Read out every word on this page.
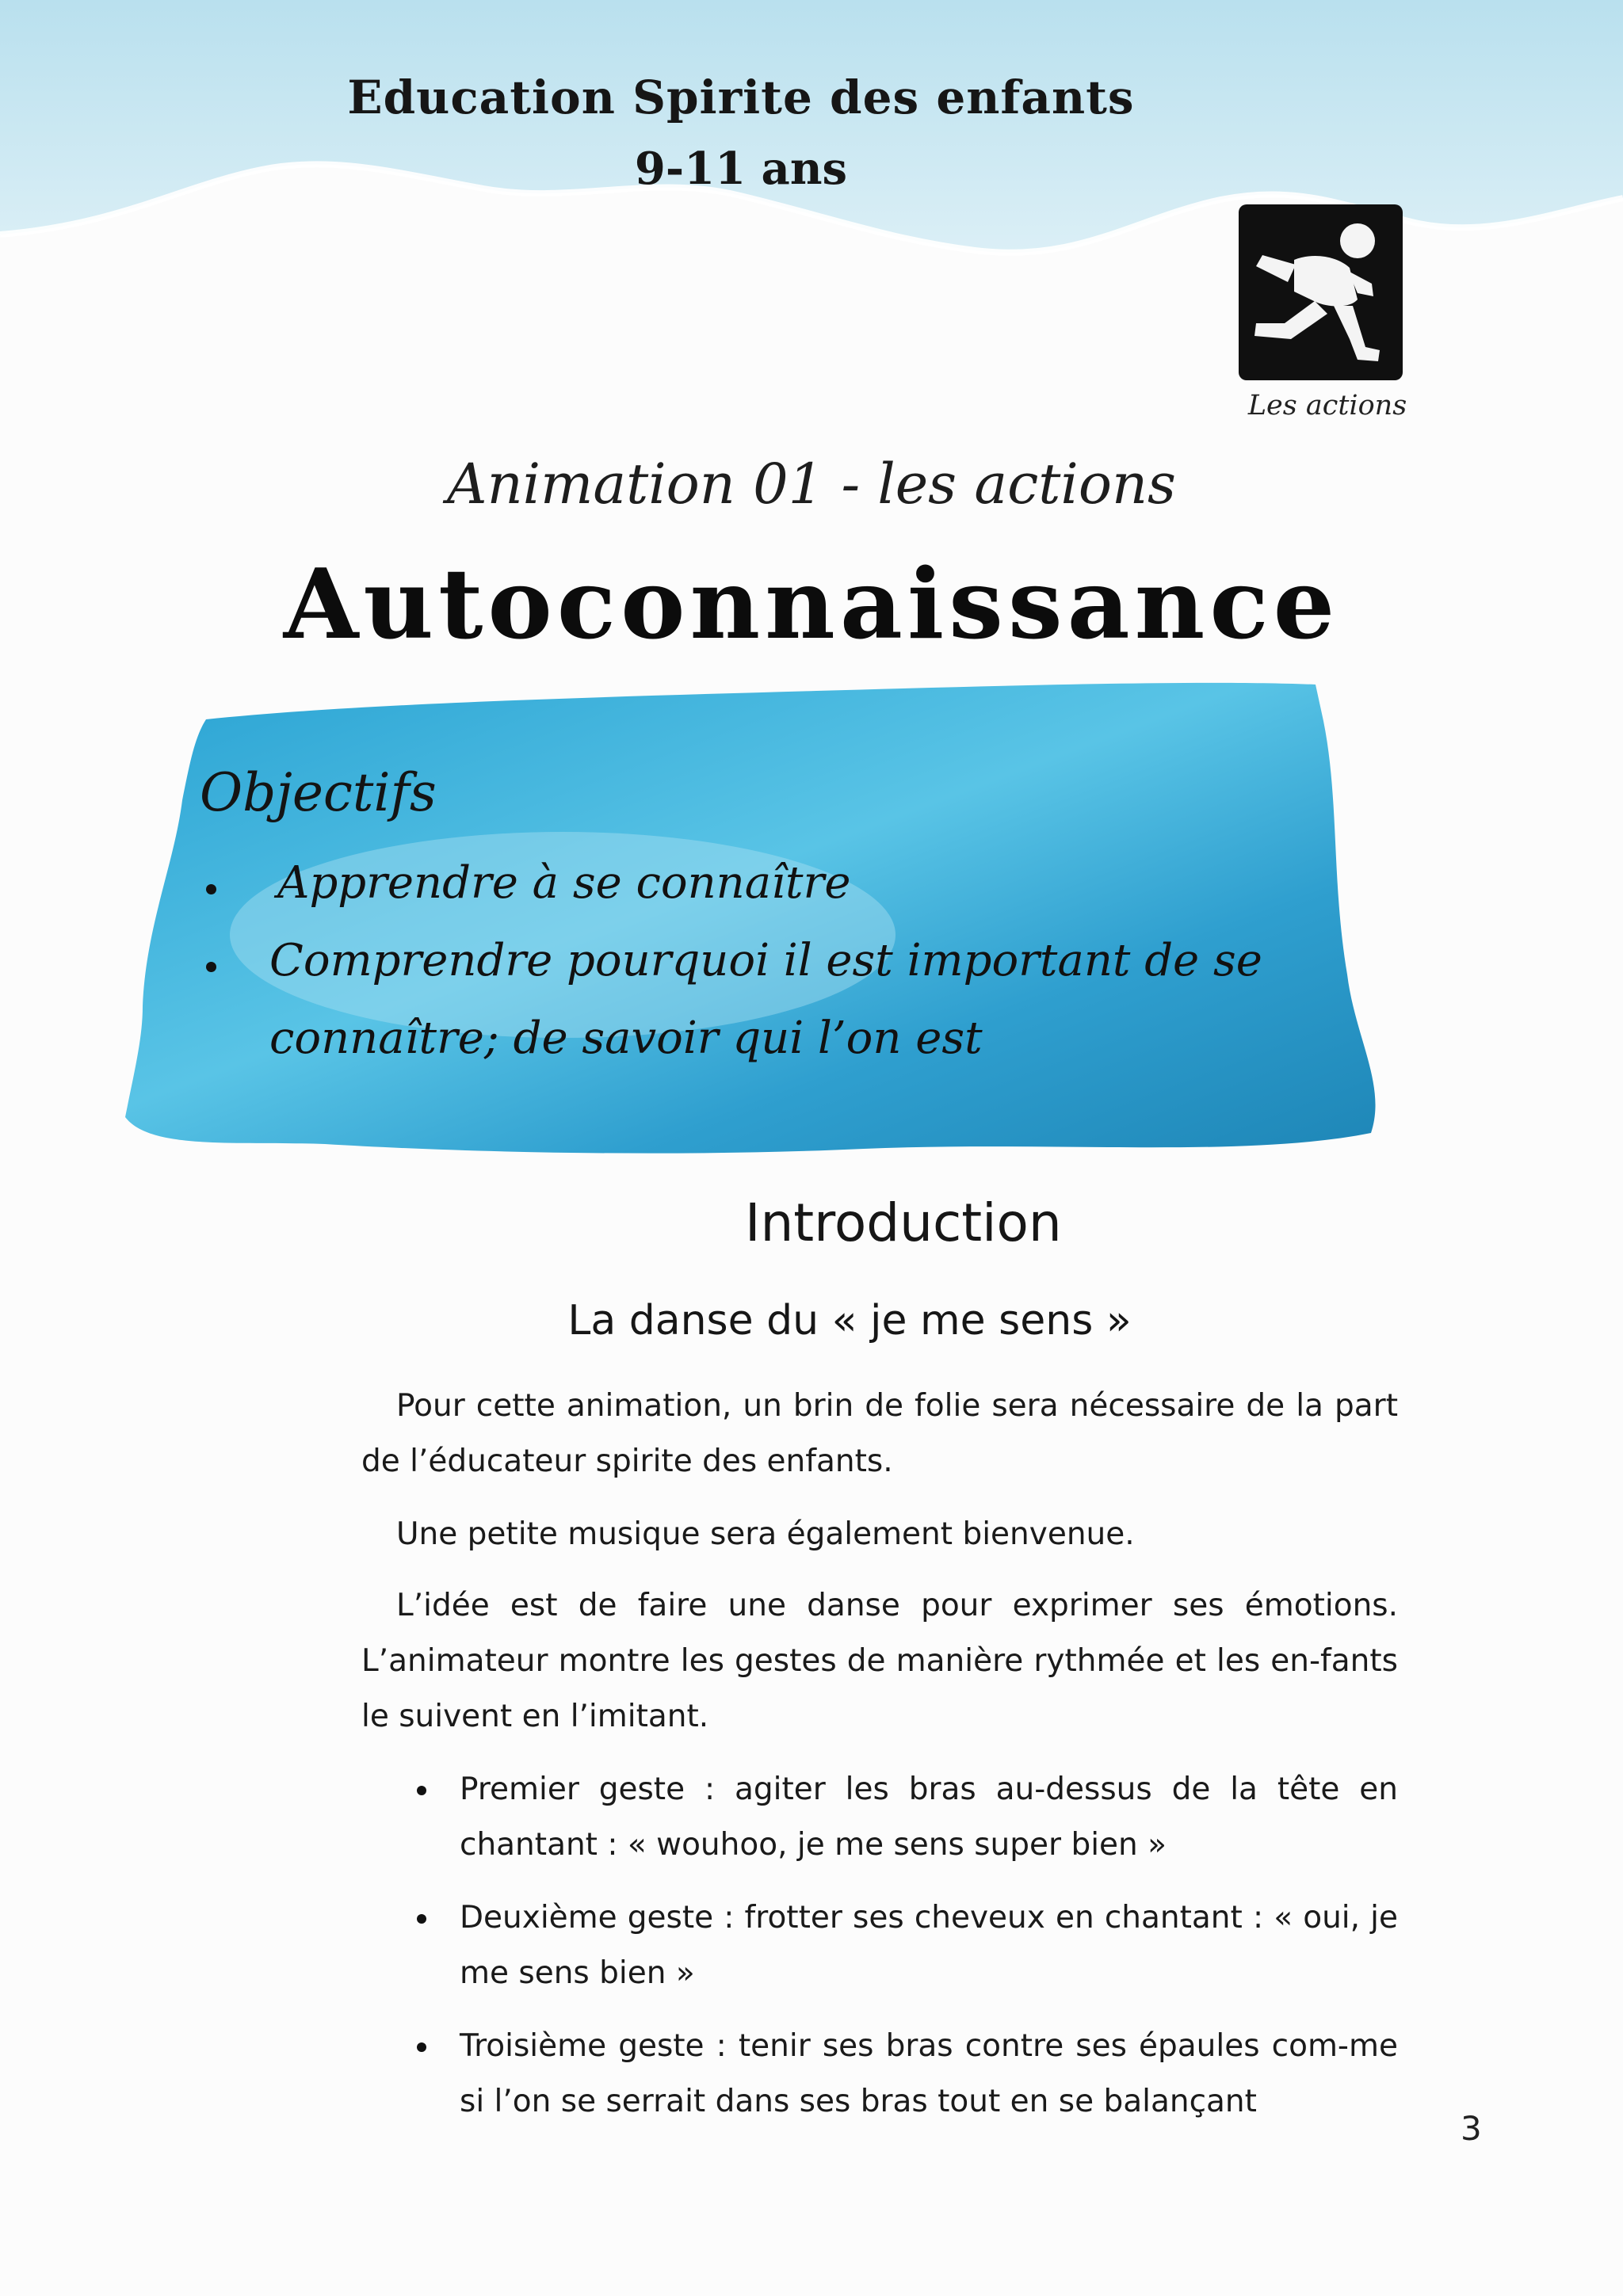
Education Spirite des enfants
9-11 ans
Les actions
Animation 01 - les actions
Autoconnaissance
Objectifs
Apprendre à se connaître
Comprendre pourquoi il est important de se connaître; de savoir qui l’on est
Introduction
La danse du « je me sens »

Pour cette animation, un brin de folie sera nécessaire de la part de l’éducateur spirite des enfants.

Une petite musique sera également bienvenue.

L’idée est de faire une danse pour exprimer ses émotions. L’animateur montre les gestes de manière rythmée et les en-fants le suivent en l’imitant.

Premier geste : agiter les bras au-dessus de la tête en chantant : « wouhoo, je me sens super bien »

Deuxième geste : frotter ses cheveux en chantant : « oui, je me sens bien »

Troisième geste : tenir ses bras contre ses épaules com-me si l’on se serrait dans ses bras tout en se balançant

3
